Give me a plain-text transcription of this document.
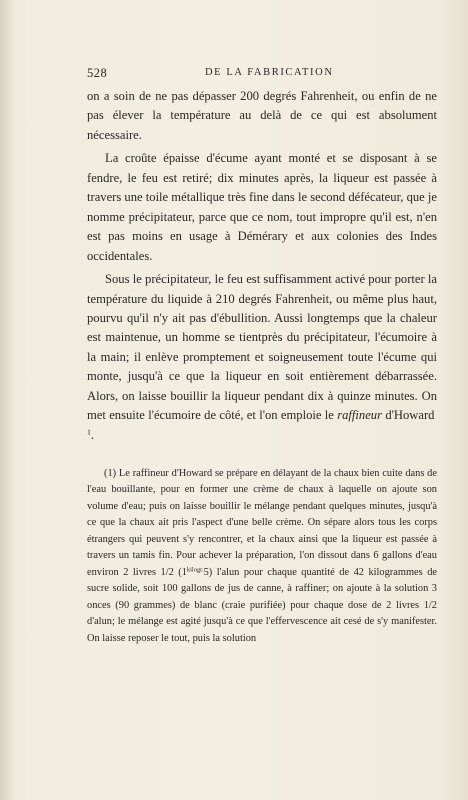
528	DE LA FABRICATION

on a soin de ne pas dépasser 200 degrés Fahrenheit, ou enfin de ne pas élever la température au delà de ce qui est absolument nécessaire.

La croûte épaisse d'écume ayant monté et se disposant à se fendre, le feu est retiré; dix minutes après, la liqueur est passée à travers une toile métallique très fine dans le second défécateur, que je nomme précipitateur, parce que ce nom, tout impropre qu'il est, n'en est pas moins en usage à Démérary et aux colonies des Indes occidentales.

Sous le précipitateur, le feu est suffisamment activé pour porter la température du liquide à 210 degrés Fahrenheit, ou même plus haut, pourvu qu'il n'y ait pas d'ébullition. Aussi longtemps que la chaleur est maintenue, un homme se tientprès du précipitateur, l'écumoire à la main; il enlève promptement et soigneusement toute l'écume qui monte, jusqu'à ce que la liqueur en soit entièrement débarrassée. Alors, on laisse bouillir la liqueur pendant dix à quinze minutes. On met ensuite l'écumoire de côté, et l'on emploie le raffineur d'Howard $^1$.

(1) Le raffineur d'Howard se prépare en délayant de la chaux bien cuite dans de l'eau bouillante, pour en former une crème de chaux à laquelle on ajoute son volume d'eau; puis on laisse bouillir le mélange pendant quelques minutes, jusqu'à ce que la chaux ait pris l'aspect d'une belle crème. On sépare alors tous les corps étrangers qui peuvent s'y rencontrer, et la chaux ainsi que la liqueur est passée à travers un tamis fin. Pour achever la préparation, l'on dissout dans 6 gallons d'eau environ 2 livres 1/2 $(1^{kilogr.}5)$ l'alun pour chaque quantité de 42 kilogrammes de sucre solide, soit 100 gallons de jus de canne, à raffiner; on ajoute à la solution 3 onces (90 grammes) de blanc (craie purifiée) pour chaque dose de 2 livres 1/2 d'alun; le mélange est agité jusqu'à ce que l'effervescence ait cesé de s'y manifester. On laisse reposer le tout, puis la solution
